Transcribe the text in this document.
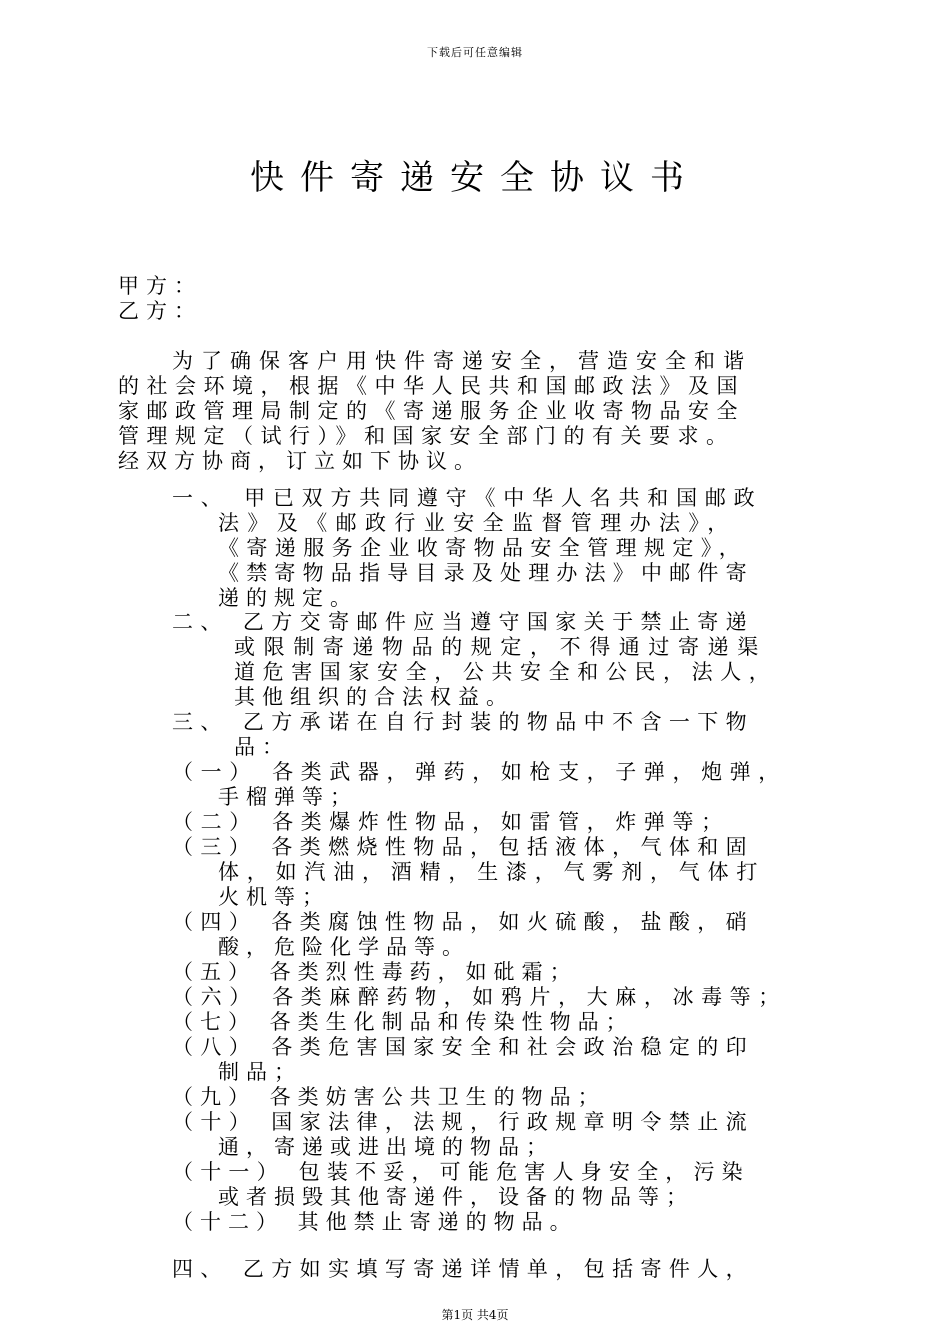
下载后可任意编辑
快件寄递安全协议书
甲方：
乙方：
为了确保客户用快件寄递安全，营造安全和谐
的社会环境，根据《中华人民共和国邮政法》及国
家邮政管理局制定的《寄递服务企业收寄物品安全
管理规定（试行）》和国家安全部门的有关要求。
经双方协商，订立如下协议。
一、 甲已双方共同遵守《中华人名共和国邮政
法》及《邮政行业安全监督管理办法》，
《寄递服务企业收寄物品安全管理规定》，
《禁寄物品指导目录及处理办法》中邮件寄
递的规定。
二、 乙方交寄邮件应当遵守国家关于禁止寄递
或限制寄递物品的规定，不得通过寄递渠
道危害国家安全，公共安全和公民，法人，
其他组织的合法权益。
三、 乙方承诺在自行封装的物品中不含一下物
品：
（一） 各类武器，弹药，如枪支，子弹，炮弹，
手榴弹等；
（二） 各类爆炸性物品，如雷管，炸弹等；
（三） 各类燃烧性物品，包括液体，气体和固
体，如汽油，酒精，生漆，气雾剂，气体打
火机等；
（四） 各类腐蚀性物品，如火硫酸，盐酸，硝
酸，危险化学品等。
（五） 各类烈性毒药，如砒霜；
（六） 各类麻醉药物，如鸦片，大麻，冰毒等；
（七） 各类生化制品和传染性物品；
（八） 各类危害国家安全和社会政治稳定的印
制品；
（九） 各类妨害公共卫生的物品；
（十） 国家法律，法规，行政规章明令禁止流
通，寄递或进出境的物品；
（十一） 包装不妥，可能危害人身安全，污染
或者损毁其他寄递件，设备的物品等；
（十二） 其他禁止寄递的物品。
四、 乙方如实填写寄递详情单，包括寄件人，
第1页 共4页
